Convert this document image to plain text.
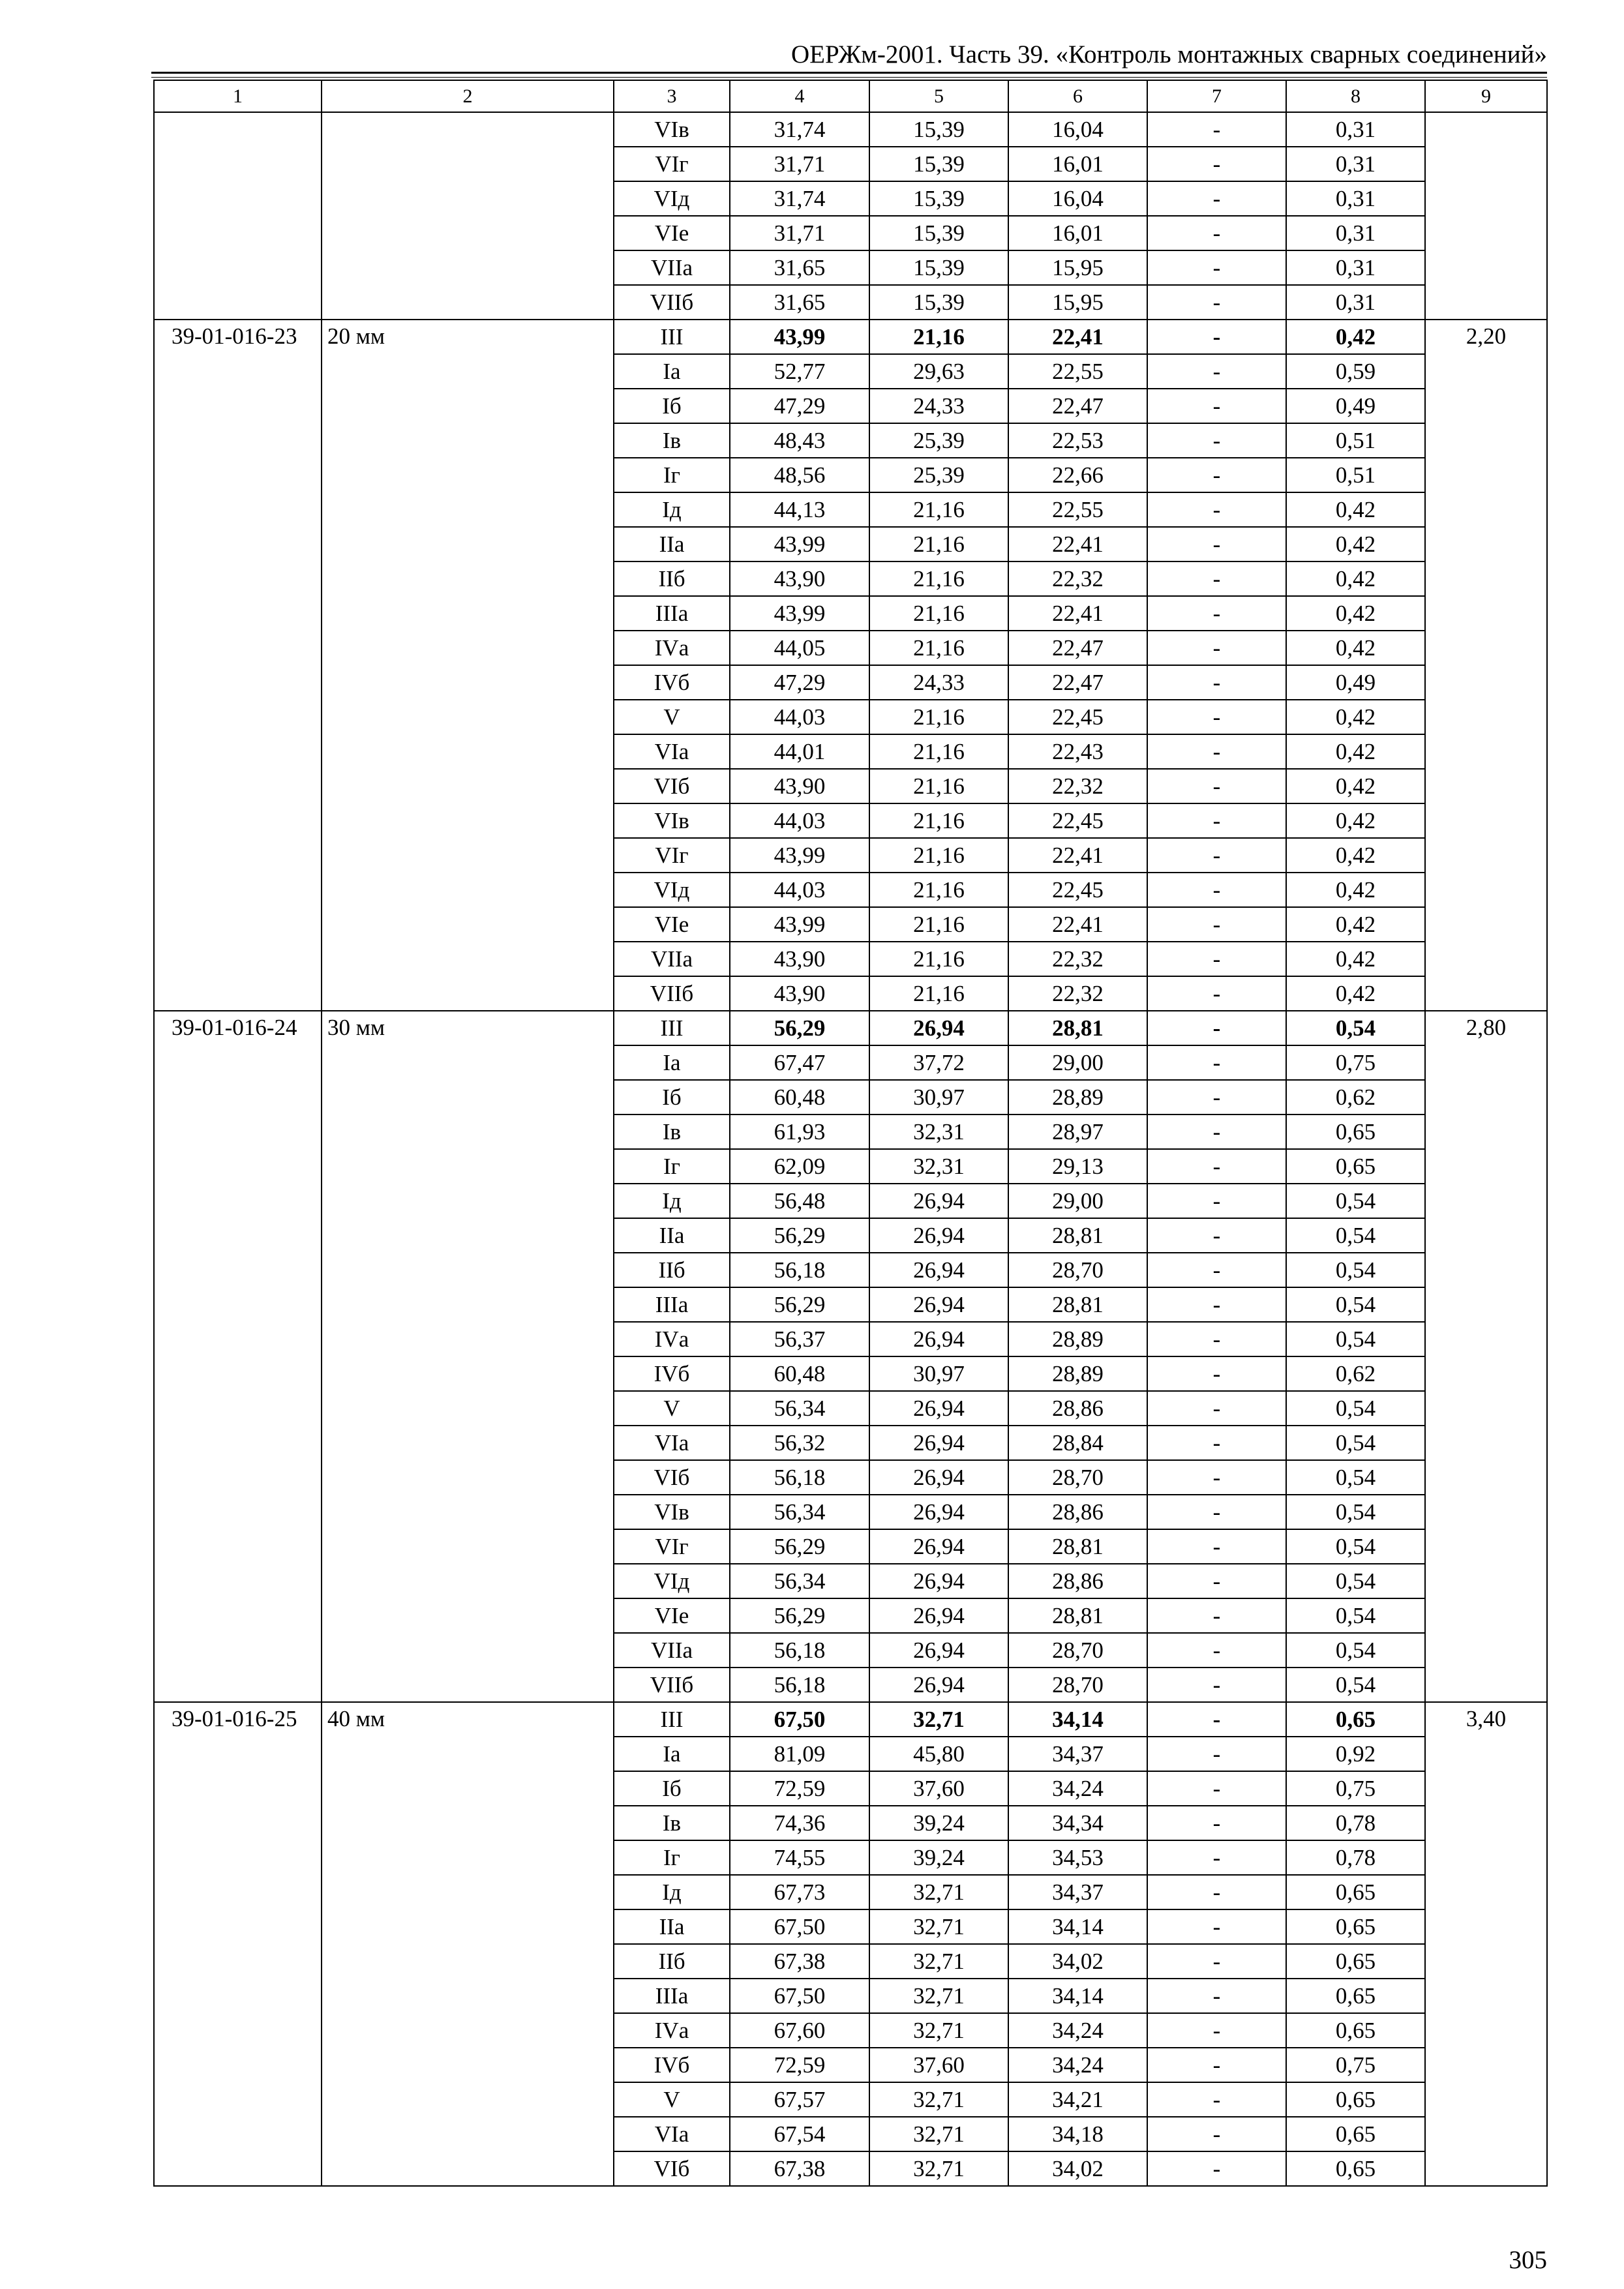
ОЕРЖм-2001. Часть 39. «Контроль монтажных сварных соединений»
1	2	3	4	5	6	7	8	9
		VIв	31,74	15,39	16,04	-	0,31	
		VIг	31,71	15,39	16,01	-	0,31	
		VIд	31,74	15,39	16,04	-	0,31	
		VIе	31,71	15,39	16,01	-	0,31	
		VIIа	31,65	15,39	15,95	-	0,31	
		VIIб	31,65	15,39	15,95	-	0,31	
39-01-016-23	20 мм	III	43,99	21,16	22,41	-	0,42	2,20
		Iа	52,77	29,63	22,55	-	0,59	
		Iб	47,29	24,33	22,47	-	0,49	
		Iв	48,43	25,39	22,53	-	0,51	
		Iг	48,56	25,39	22,66	-	0,51	
		Iд	44,13	21,16	22,55	-	0,42	
		IIа	43,99	21,16	22,41	-	0,42	
		IIб	43,90	21,16	22,32	-	0,42	
		IIIа	43,99	21,16	22,41	-	0,42	
		IVа	44,05	21,16	22,47	-	0,42	
		IVб	47,29	24,33	22,47	-	0,49	
		V	44,03	21,16	22,45	-	0,42	
		VIа	44,01	21,16	22,43	-	0,42	
		VIб	43,90	21,16	22,32	-	0,42	
		VIв	44,03	21,16	22,45	-	0,42	
		VIг	43,99	21,16	22,41	-	0,42	
		VIд	44,03	21,16	22,45	-	0,42	
		VIе	43,99	21,16	22,41	-	0,42	
		VIIа	43,90	21,16	22,32	-	0,42	
		VIIб	43,90	21,16	22,32	-	0,42	
39-01-016-24	30 мм	III	56,29	26,94	28,81	-	0,54	2,80
		Iа	67,47	37,72	29,00	-	0,75	
		Iб	60,48	30,97	28,89	-	0,62	
		Iв	61,93	32,31	28,97	-	0,65	
		Iг	62,09	32,31	29,13	-	0,65	
		Iд	56,48	26,94	29,00	-	0,54	
		IIа	56,29	26,94	28,81	-	0,54	
		IIб	56,18	26,94	28,70	-	0,54	
		IIIа	56,29	26,94	28,81	-	0,54	
		IVа	56,37	26,94	28,89	-	0,54	
		IVб	60,48	30,97	28,89	-	0,62	
		V	56,34	26,94	28,86	-	0,54	
		VIа	56,32	26,94	28,84	-	0,54	
		VIб	56,18	26,94	28,70	-	0,54	
		VIв	56,34	26,94	28,86	-	0,54	
		VIг	56,29	26,94	28,81	-	0,54	
		VIд	56,34	26,94	28,86	-	0,54	
		VIе	56,29	26,94	28,81	-	0,54	
		VIIа	56,18	26,94	28,70	-	0,54	
		VIIб	56,18	26,94	28,70	-	0,54	
39-01-016-25	40 мм	III	67,50	32,71	34,14	-	0,65	3,40
		Iа	81,09	45,80	34,37	-	0,92	
		Iб	72,59	37,60	34,24	-	0,75	
		Iв	74,36	39,24	34,34	-	0,78	
		Iг	74,55	39,24	34,53	-	0,78	
		Iд	67,73	32,71	34,37	-	0,65	
		IIа	67,50	32,71	34,14	-	0,65	
		IIб	67,38	32,71	34,02	-	0,65	
		IIIа	67,50	32,71	34,14	-	0,65	
		IVа	67,60	32,71	34,24	-	0,65	
		IVб	72,59	37,60	34,24	-	0,75	
		V	67,57	32,71	34,21	-	0,65	
		VIа	67,54	32,71	34,18	-	0,65	
		VIб	67,38	32,71	34,02	-	0,65	
305
